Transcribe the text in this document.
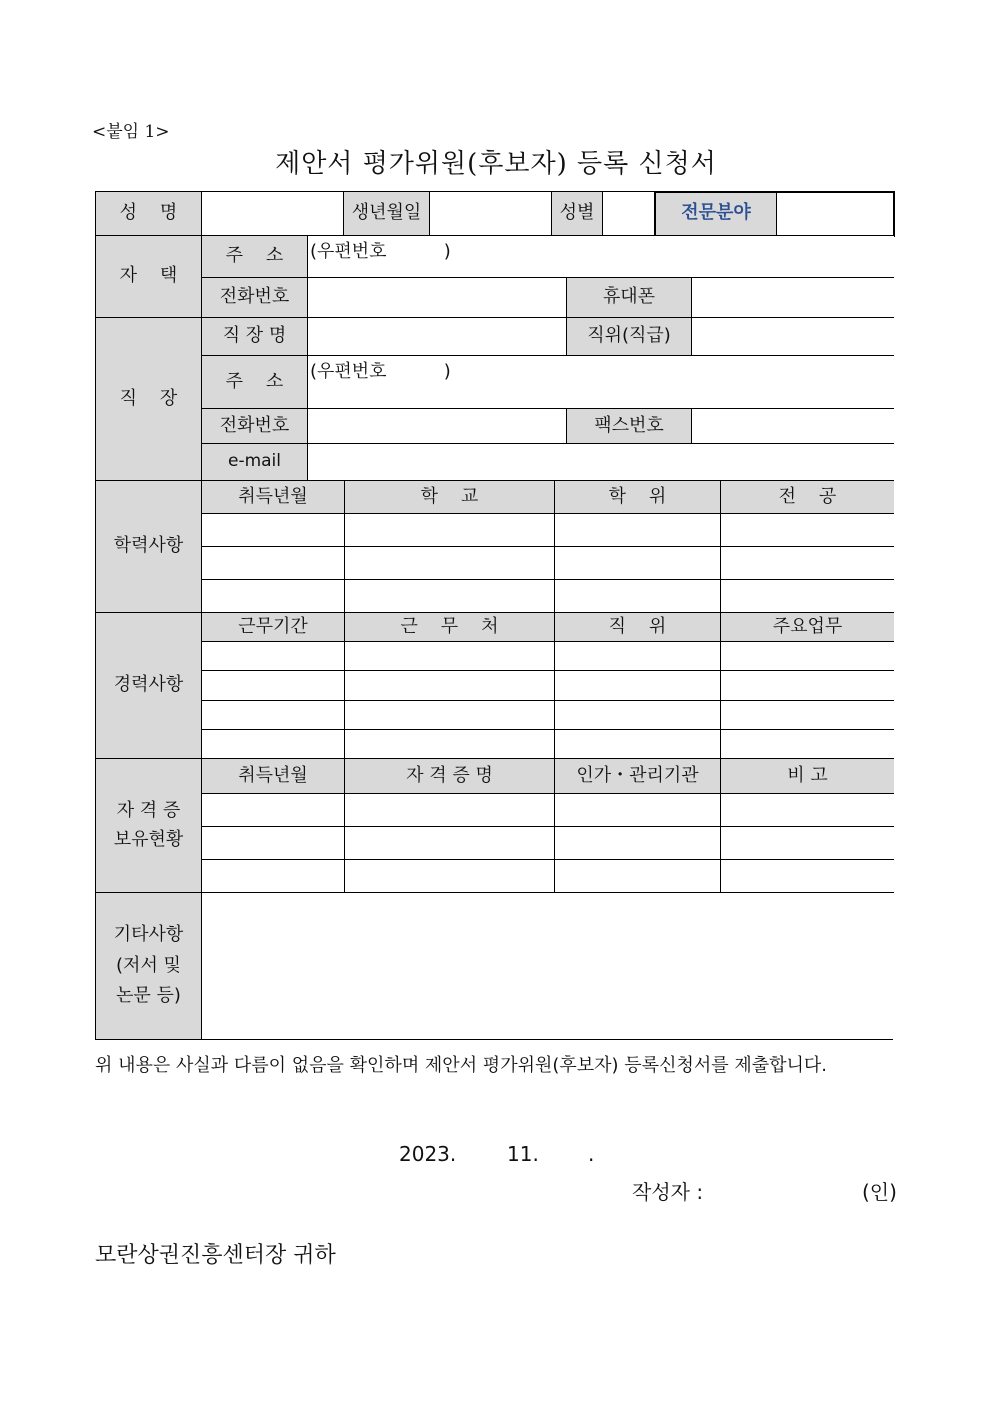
<붙임 1>
제안서 평가위원(후보자) 등록 신청서
성    명	생년월일	성별	전문분야
자    택
주    소	(우편번호          )
전화번호	휴대폰
직    장
직 장 명	직위(직급)
주    소	(우편번호          )
전화번호	팩스번호
e-mail
학력사항
취득년월	학    교	학    위	전    공
경력사항
근무기간	근    무    처	직    위	주요업무
자 격 증
보유현황
취득년월	자 격 증 명	인가・관리기관	비 고
기타사항
(저서 및
논문 등)
위 내용은 사실과 다름이 없음을 확인하며 제안서 평가위원(후보자) 등록신청서를 제출합니다.
2023.	11. .
작성자 :	(인)
모란상권진흥센터장 귀하
